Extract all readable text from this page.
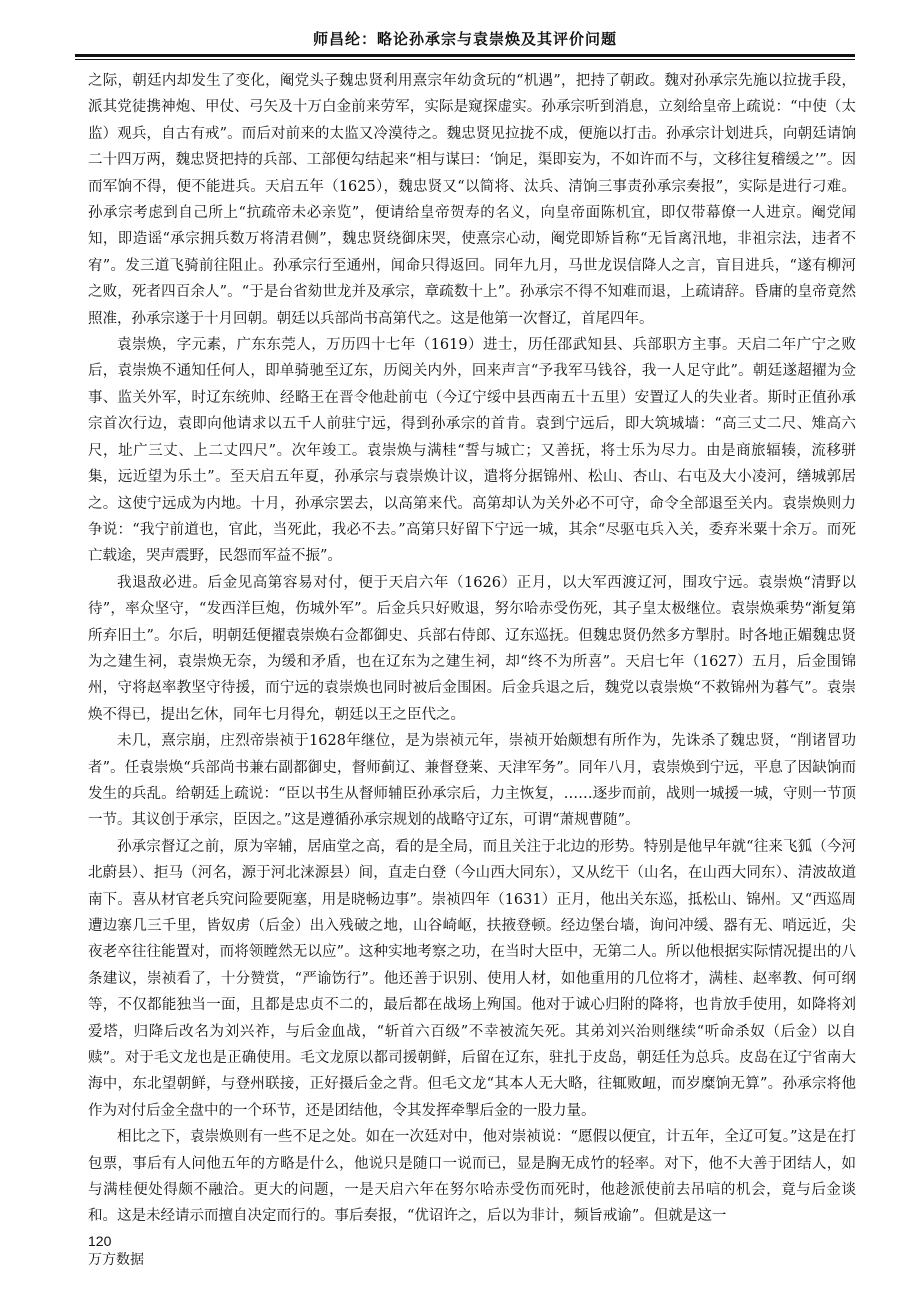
师昌纶：略论孙承宗与袁崇焕及其评价问题

之际，朝廷内却发生了变化，阉党头子魏忠贤利用熹宗年幼贪玩的“机遇”，把持了朝政。魏对孙承宗先施以拉拢手段，派其党徒携神炮、甲仗、弓矢及十万白金前来劳军，实际是窥探虚实。孙承宗听到消息，立刻给皇帝上疏说：“中使（太监）观兵，自古有戒”。而后对前来的太监又冷漠待之。魏忠贤见拉拢不成，便施以打击。孙承宗计划进兵，向朝廷请饷二十四万两，魏忠贤把持的兵部、工部便勾结起来“相与谋曰：‘饷足，渠即妄为，不如许而不与，文移往复稽缓之’”。因而军饷不得，便不能进兵。天启五年（1625），魏忠贤又“以简将、汰兵、清饷三事责孙承宗奏报”，实际是进行刁难。孙承宗考虑到自己所上“抗疏帝未必亲览”，便请给皇帝贺寿的名义，向皇帝面陈机宜，即仅带幕僚一人进京。阉党闻知，即造谣“承宗拥兵数万将清君侧”，魏忠贤绕御床哭，使熹宗心动，阉党即矫旨称“无旨离汛地，非祖宗法，违者不宥”。发三道飞骑前往阻止。孙承宗行至通州，闻命只得返回。同年九月，马世龙误信降人之言，盲目进兵，“遂有柳河之败，死者四百余人”。“于是台省劾世龙并及承宗，章疏数十上”。孙承宗不得不知难而退，上疏请辞。昏庸的皇帝竟然照准，孙承宗遂于十月回朝。朝廷以兵部尚书高第代之。这是他第一次督辽，首尾四年。

袁崇焕，字元素，广东东莞人，万历四十七年（1619）进士，历任邵武知县、兵部职方主事。天启二年广宁之败后，袁崇焕不通知任何人，即单骑驰至辽东，历阅关内外，回来声言“予我军马钱谷，我一人足守此”。朝廷遂超擢为佥事、监关外军，时辽东统帅、经略王在晋令他赴前屯（今辽宁绥中县西南五十五里）安置辽人的失业者。斯时正值孙承宗首次行边，袁即向他请求以五千人前驻宁远，得到孙承宗的首肯。袁到宁远后，即大筑城墙：“高三丈二尺、雉高六尺，址广三丈、上二丈四尺”。次年竣工。袁崇焕与满桂“誓与城亡；又善抚，将士乐为尽力。由是商旅辐辏，流移骈集，远近望为乐土”。至天启五年夏，孙承宗与袁崇焕计议，遣将分据锦州、松山、杏山、右屯及大小凌河，缮城郭居之。这使宁远成为内地。十月，孙承宗罢去，以高第来代。高第却认为关外必不可守，命令全部退至关内。袁崇焕则力争说：“我宁前道也，官此，当死此，我必不去。”高第只好留下宁远一城，其余“尽驱屯兵入关，委弃米粟十余万。而死亡载途，哭声震野，民怨而军益不振”。

我退敌必进。后金见高第容易对付，便于天启六年（1626）正月，以大军西渡辽河，围攻宁远。袁崇焕“清野以待”，率众坚守，“发西洋巨炮，伤城外军”。后金兵只好败退，努尔哈赤受伤死，其子皇太极继位。袁崇焕乘势“渐复第所弃旧土”。尔后，明朝廷便擢袁崇焕右佥都御史、兵部右侍郎、辽东巡抚。但魏忠贤仍然多方掣肘。时各地正媚魏忠贤为之建生祠，袁崇焕无奈，为缓和矛盾，也在辽东为之建生祠，却“终不为所喜”。天启七年（1627）五月，后金围锦州，守将赵率教坚守待援，而宁远的袁崇焕也同时被后金围困。后金兵退之后，魏党以袁崇焕“不救锦州为暮气”。袁崇焕不得已，提出乞休，同年七月得允，朝廷以王之臣代之。

未几，熹宗崩，庄烈帝崇祯于1628年继位，是为崇祯元年，崇祯开始颇想有所作为，先诛杀了魏忠贤，“削诸冒功者”。任袁崇焕“兵部尚书兼右副都御史，督师蓟辽、兼督登莱、天津军务”。同年八月，袁崇焕到宁远，平息了因缺饷而发生的兵乱。给朝廷上疏说：“臣以书生从督师辅臣孙承宗后，力主恢复，……逐步而前，战则一城援一城，守则一节顶一节。其议创于承宗，臣因之。”这是遵循孙承宗规划的战略守辽东，可谓“萧规曹随”。

孙承宗督辽之前，原为宰辅，居庙堂之高，看的是全局，而且关注于北边的形势。特别是他早年就“往来飞狐（今河北蔚县）、拒马（河名，源于河北涞源县）间，直走白登（今山西大同东），又从纥干（山名，在山西大同东）、清波故道南下。喜从材官老兵究问险要阨塞，用是晓畅边事”。崇祯四年（1631）正月，他出关东巡，抵松山、锦州。又“西巡周遭边寨几三千里，皆奴虏（后金）出入残破之地，山谷崎岖，扶掖登顿。经边堡台墙，询问冲缓、器有无、哨远近，尖夜老卒往往能置对，而将领瞠然无以应”。这种实地考察之功，在当时大臣中，无第二人。所以他根据实际情况提出的八条建议，崇祯看了，十分赞赏，“严谕饬行”。他还善于识别、使用人材，如他重用的几位将才，满桂、赵率教、何可纲等，不仅都能独当一面，且都是忠贞不二的，最后都在战场上殉国。他对于诚心归附的降将，也肯放手使用，如降将刘爱塔，归降后改名为刘兴祚，与后金血战，“斩首六百级”不幸被流矢死。其弟刘兴治则继续“听命杀奴（后金）以自赎”。对于毛文龙也是正确使用。毛文龙原以都司援朝鲜，后留在辽东，驻扎于皮岛，朝廷任为总兵。皮岛在辽宁省南大海中，东北望朝鲜，与登州联接，正好摄后金之背。但毛文龙“其本人无大略，往辄败衄，而岁糜饷无算”。孙承宗将他作为对付后金全盘中的一个环节，还是团结他，令其发挥牵掣后金的一股力量。

相比之下，袁崇焕则有一些不足之处。如在一次廷对中，他对崇祯说：“愿假以便宜，计五年，全辽可复。”这是在打包票，事后有人问他五年的方略是什么，他说只是随口一说而已，显是胸无成竹的轻率。对下，他不大善于团结人，如与满桂便处得颇不融洽。更大的问题，一是天启六年在努尔哈赤受伤而死时，他趁派使前去吊唁的机会，竟与后金谈和。这是未经请示而擅自决定而行的。事后奏报，“优诏许之，后以为非计，频旨戒谕”。但就是这一

120
万方数据
